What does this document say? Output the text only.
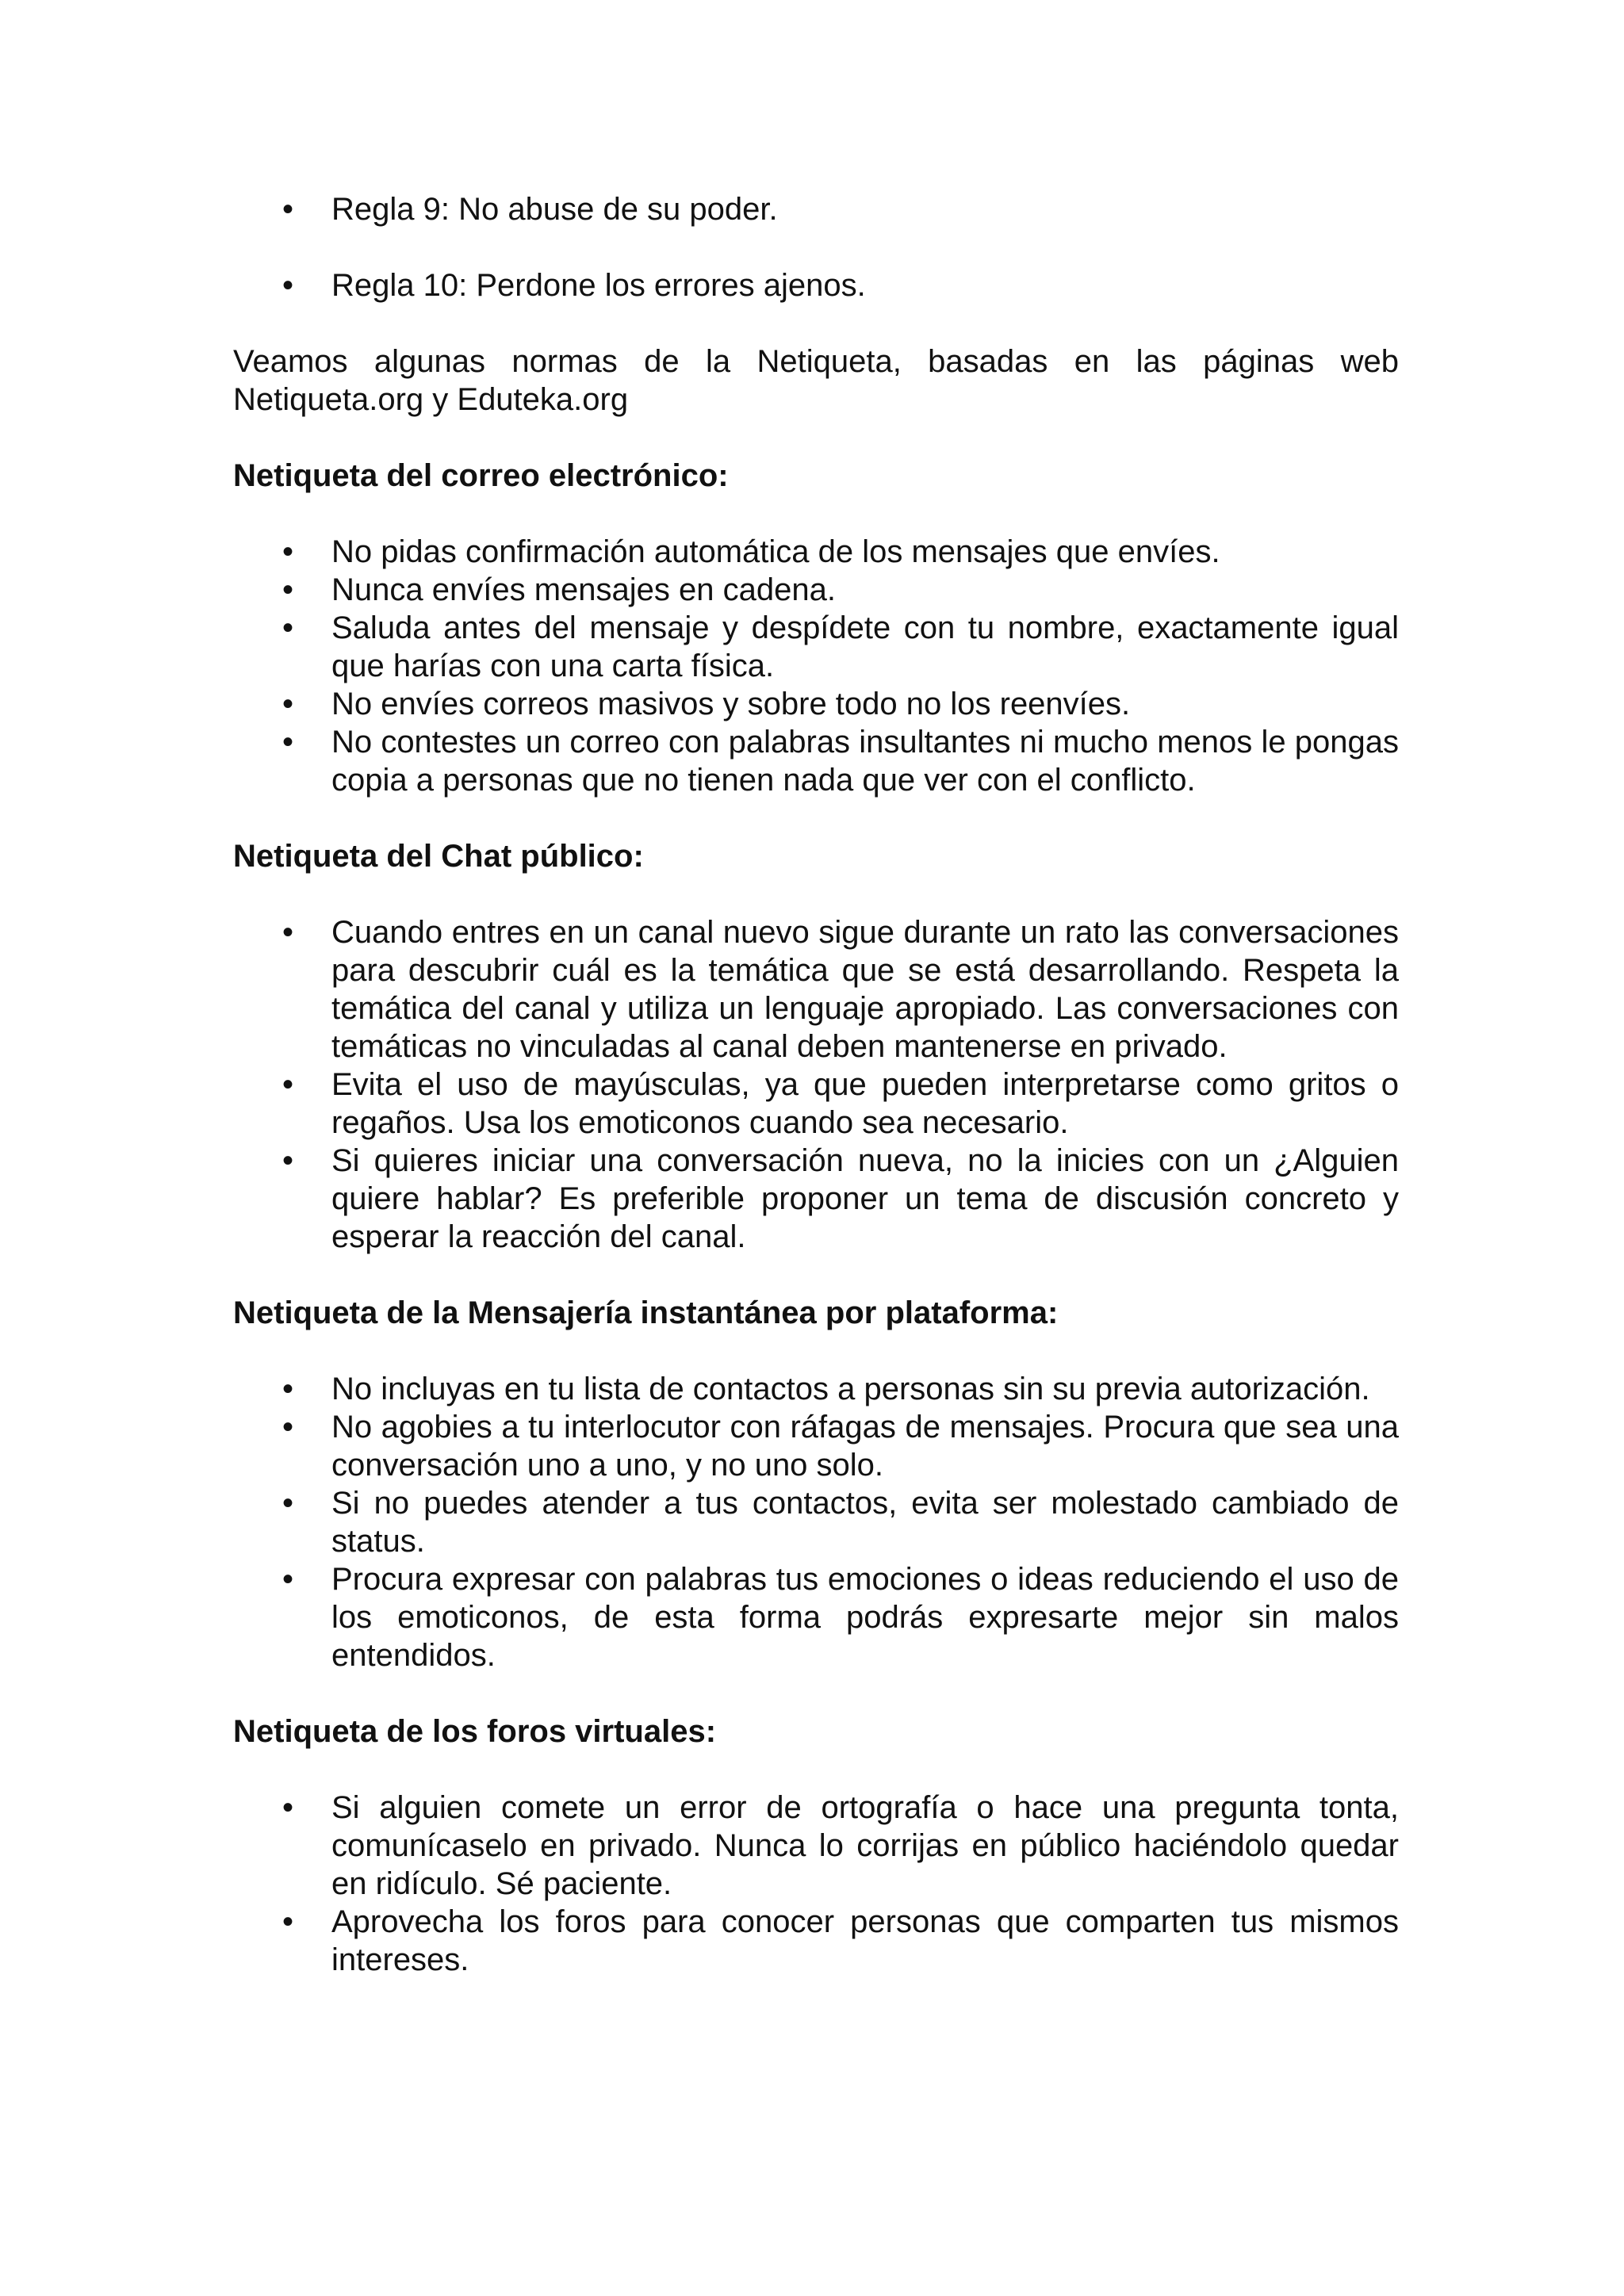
• Regla 9: No abuse de su poder.
• Regla 10: Perdone los errores ajenos.

Veamos algunas normas de la Netiqueta, basadas en las páginas web Netiqueta.org y Eduteka.org

Netiqueta del correo electrónico:

• No pidas confirmación automática de los mensajes que envíes.
• Nunca envíes mensajes en cadena.
• Saluda antes del mensaje y despídete con tu nombre, exactamente igual que harías con una carta física.
• No envíes correos masivos y sobre todo no los reenvíes.
• No contestes un correo con palabras insultantes ni mucho menos le pongas copia a personas que no tienen nada que ver con el conflicto.

Netiqueta del Chat público:

• Cuando entres en un canal nuevo sigue durante un rato las conversaciones para descubrir cuál es la temática que se está desarrollando. Respeta la temática del canal y utiliza un lenguaje apropiado. Las conversaciones con temáticas no vinculadas al canal deben mantenerse en privado.
• Evita el uso de mayúsculas, ya que pueden interpretarse como gritos o regaños. Usa los emoticonos cuando sea necesario.
• Si quieres iniciar una conversación nueva, no la inicies con un ¿Alguien quiere hablar? Es preferible proponer un tema de discusión concreto y esperar la reacción del canal.

Netiqueta de la Mensajería instantánea por plataforma:

• No incluyas en tu lista de contactos a personas sin su previa autorización.
• No agobies a tu interlocutor con ráfagas de mensajes. Procura que sea una conversación uno a uno, y no uno solo.
• Si no puedes atender a tus contactos, evita ser molestado cambiado de status.
• Procura expresar con palabras tus emociones o ideas reduciendo el uso de los emoticonos, de esta forma podrás expresarte mejor sin malos entendidos.

Netiqueta de los foros virtuales:

• Si alguien comete un error de ortografía o hace una pregunta tonta, comunícaselo en privado. Nunca lo corrijas en público haciéndolo quedar en ridículo. Sé paciente.
• Aprovecha los foros para conocer personas que comparten tus mismos intereses.
